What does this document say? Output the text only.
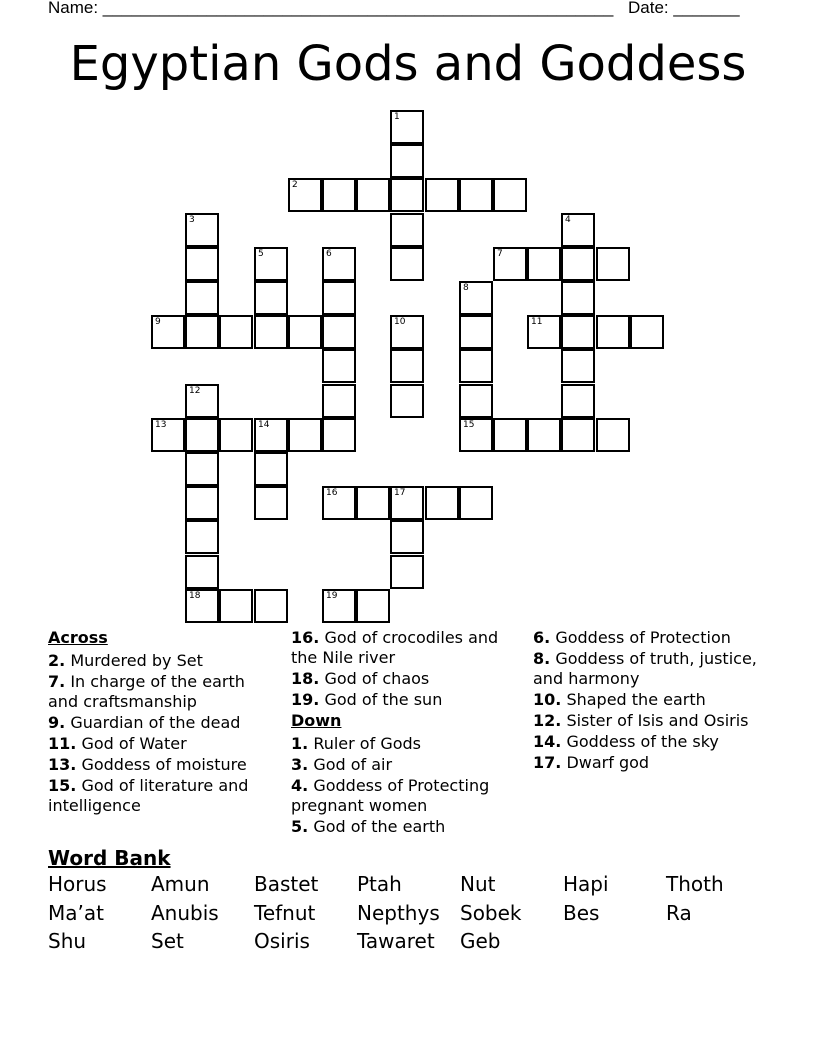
Name: ______________________________________________________ Date: _______
Egyptian Gods and Goddess
1
2
3	4
5	6	7
8
9	10	11
12
13	14	15
16	17
18	19
Across
2. Murdered by Set
7. In charge of the earth and craftsmanship
9. Guardian of the dead
11. God of Water
13. Goddess of moisture
15. God of literature and intelligence
16. God of crocodiles and the Nile river
18. God of chaos
19. God of the sun
Down
1. Ruler of Gods
3. God of air
4. Goddess of Protecting pregnant women
5. God of the earth
6. Goddess of Protection
8. Goddess of truth, justice, and harmony
10. Shaped the earth
12. Sister of Isis and Osiris
14. Goddess of the sky
17. Dwarf god
Word Bank
Horus Amun Bastet Ptah	Nut	Hapi	Thoth
Ma’at Anubis Tefnut Nepthys Sobek Bes	Ra
Shu	Set	Osiris Tawaret Geb
